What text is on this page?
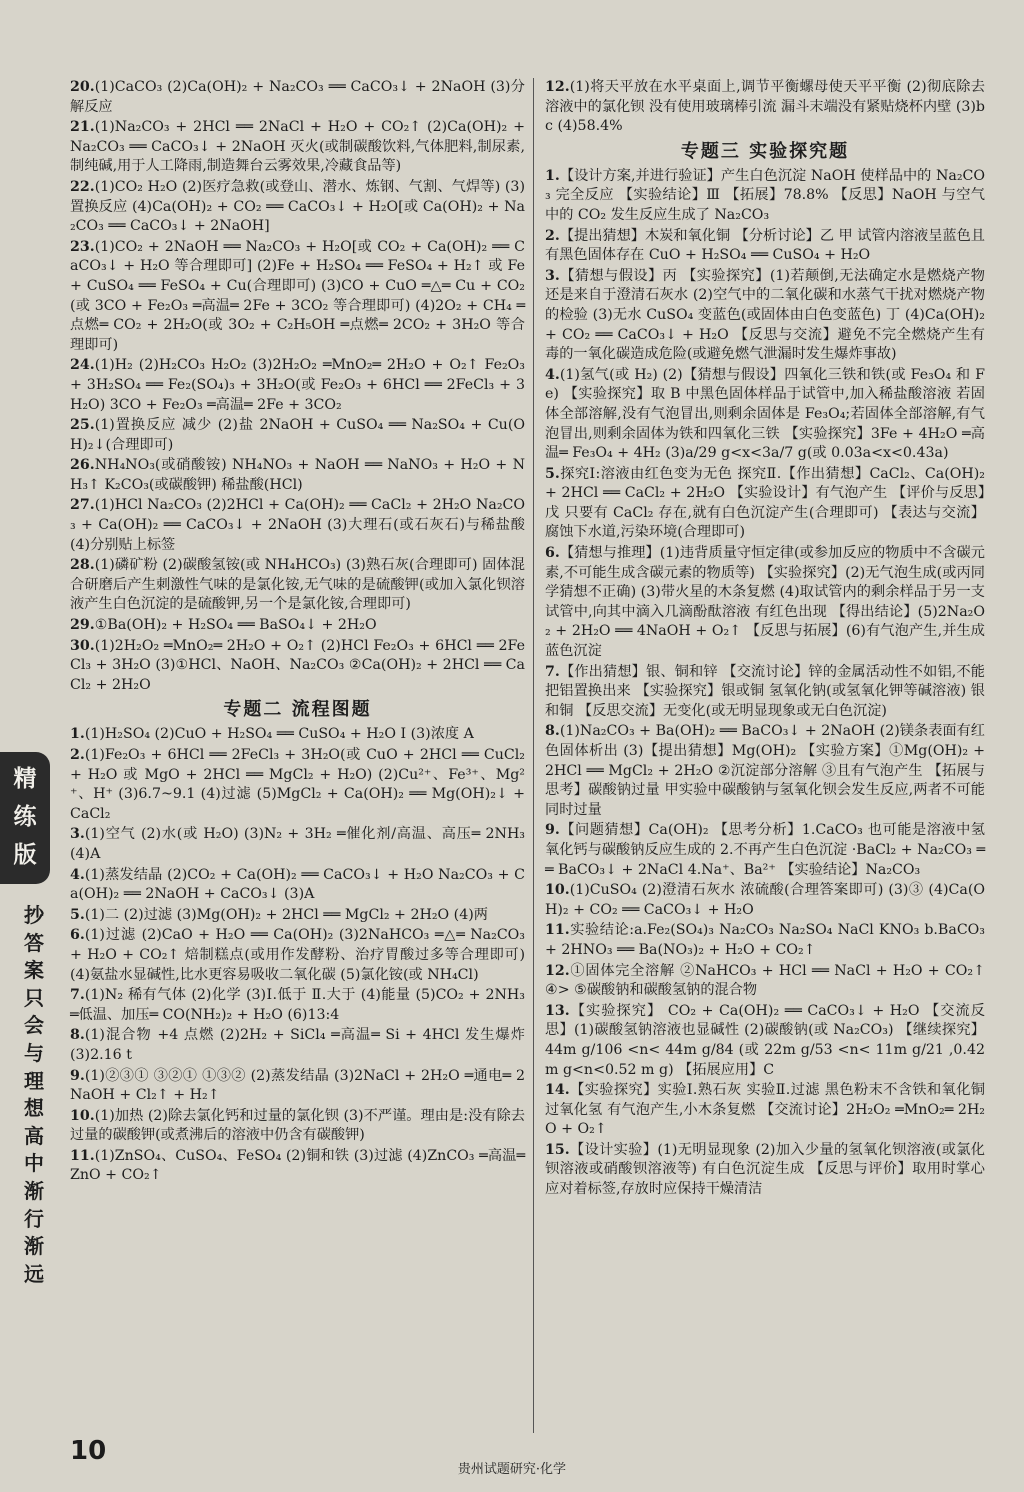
20.(1)CaCO₃ (2)Ca(OH)₂ + Na₂CO₃ ══ CaCO₃↓ + 2NaOH (3)分解反应
21.(1)Na₂CO₃ + 2HCl ══ 2NaCl + H₂O + CO₂↑ (2)Ca(OH)₂ + Na₂CO₃ ══ CaCO₃↓ + 2NaOH 灭火(或制碳酸饮料,气体肥料,制尿素,制纯碱,用于人工降雨,制造舞台云雾效果,冷藏食品等)
22.(1)CO₂ H₂O (2)医疗急救(或登山、潜水、炼钢、气割、气焊等) (3)置换反应 (4)Ca(OH)₂ + CO₂ ══ CaCO₃↓ + H₂O[或 Ca(OH)₂ + Na₂CO₃ ══ CaCO₃↓ + 2NaOH]
23.(1)CO₂ + 2NaOH ══ Na₂CO₃ + H₂O[或 CO₂ + Ca(OH)₂ ══ CaCO₃↓ + H₂O 等合理即可] (2)Fe + H₂SO₄ ══ FeSO₄ + H₂↑ 或 Fe + CuSO₄ ══ FeSO₄ + Cu(合理即可) (3)CO + CuO ═△═ Cu + CO₂(或 3CO + Fe₂O₃ ═高温═ 2Fe + 3CO₂ 等合理即可) (4)2O₂ + CH₄ ═点燃═ CO₂ + 2H₂O(或 3O₂ + C₂H₅OH ═点燃═ 2CO₂ + 3H₂O 等合理即可)
24.(1)H₂ (2)H₂CO₃ H₂O₂ (3)2H₂O₂ ═MnO₂═ 2H₂O + O₂↑ Fe₂O₃ + 3H₂SO₄ ══ Fe₂(SO₄)₃ + 3H₂O(或 Fe₂O₃ + 6HCl ══ 2FeCl₃ + 3H₂O) 3CO + Fe₂O₃ ═高温═ 2Fe + 3CO₂
25.(1)置换反应 减少 (2)盐 2NaOH + CuSO₄ ══ Na₂SO₄ + Cu(OH)₂↓(合理即可)
26.NH₄NO₃(或硝酸铵) NH₄NO₃ + NaOH ══ NaNO₃ + H₂O + NH₃↑ K₂CO₃(或碳酸钾) 稀盐酸(HCl)
27.(1)HCl Na₂CO₃ (2)2HCl + Ca(OH)₂ ══ CaCl₂ + 2H₂O Na₂CO₃ + Ca(OH)₂ ══ CaCO₃↓ + 2NaOH (3)大理石(或石灰石)与稀盐酸 (4)分别贴上标签
28.(1)磷矿粉 (2)碳酸氢铵(或 NH₄HCO₃) (3)熟石灰(合理即可) 固体混合研磨后产生刺激性气味的是氯化铵,无气味的是硫酸钾(或加入氯化钡溶液产生白色沉淀的是硫酸钾,另一个是氯化铵,合理即可)
29.①Ba(OH)₂ + H₂SO₄ ══ BaSO₄↓ + 2H₂O
30.(1)2H₂O₂ ═MnO₂═ 2H₂O + O₂↑ (2)HCl Fe₂O₃ + 6HCl ══ 2FeCl₃ + 3H₂O (3)①HCl、NaOH、Na₂CO₃ ②Ca(OH)₂ + 2HCl ══ CaCl₂ + 2H₂O
专题二 流程图题
1.(1)H₂SO₄ (2)CuO + H₂SO₄ ══ CuSO₄ + H₂O Ⅰ (3)浓度 A
2.(1)Fe₂O₃ + 6HCl ══ 2FeCl₃ + 3H₂O(或 CuO + 2HCl ══ CuCl₂ + H₂O 或 MgO + 2HCl ══ MgCl₂ + H₂O) (2)Cu²⁺、Fe³⁺、Mg²⁺、H⁺ (3)6.7~9.1 (4)过滤 (5)MgCl₂ + Ca(OH)₂ ══ Mg(OH)₂↓ + CaCl₂
3.(1)空气 (2)水(或 H₂O) (3)N₂ + 3H₂ ═催化剂/高温、高压═ 2NH₃ (4)A
4.(1)蒸发结晶 (2)CO₂ + Ca(OH)₂ ══ CaCO₃↓ + H₂O Na₂CO₃ + Ca(OH)₂ ══ 2NaOH + CaCO₃↓ (3)A
5.(1)二 (2)过滤 (3)Mg(OH)₂ + 2HCl ══ MgCl₂ + 2H₂O (4)两
6.(1)过滤 (2)CaO + H₂O ══ Ca(OH)₂ (3)2NaHCO₃ ═△═ Na₂CO₃ + H₂O + CO₂↑ 焙制糕点(或用作发酵粉、治疗胃酸过多等合理即可) (4)氨盐水显碱性,比水更容易吸收二氧化碳 (5)氯化铵(或 NH₄Cl)
7.(1)N₂ 稀有气体 (2)化学 (3)Ⅰ.低于 Ⅱ.大于 (4)能量 (5)CO₂ + 2NH₃ ═低温、加压═ CO(NH₂)₂ + H₂O (6)13:4
8.(1)混合物 +4 点燃 (2)2H₂ + SiCl₄ ═高温═ Si + 4HCl 发生爆炸 (3)2.16 t
9.(1)②③① ③②① ①③② (2)蒸发结晶 (3)2NaCl + 2H₂O ═通电═ 2NaOH + Cl₂↑ + H₂↑
10.(1)加热 (2)除去氯化钙和过量的氯化钡 (3)不严谨。理由是:没有除去过量的碳酸钾(或煮沸后的溶液中仍含有碳酸钾)
11.(1)ZnSO₄、CuSO₄、FeSO₄ (2)铜和铁 (3)过滤 (4)ZnCO₃ ═高温═ ZnO + CO₂↑
12.(1)将天平放在水平桌面上,调节平衡螺母使天平平衡 (2)彻底除去溶液中的氯化钡 没有使用玻璃棒引流 漏斗末端没有紧贴烧杯内壁 (3)bc (4)58.4%
专题三 实验探究题
1.【设计方案,并进行验证】产生白色沉淀 NaOH 使样品中的 Na₂CO₃ 完全反应 【实验结论】Ⅲ 【拓展】78.8% 【反思】NaOH 与空气中的 CO₂ 发生反应生成了 Na₂CO₃
2.【提出猜想】木炭和氧化铜 【分析讨论】乙 甲 试管内溶液呈蓝色且有黑色固体存在 CuO + H₂SO₄ ══ CuSO₄ + H₂O
3.【猜想与假设】丙 【实验探究】(1)若颠倒,无法确定水是燃烧产物还是来自于澄清石灰水 (2)空气中的二氧化碳和水蒸气干扰对燃烧产物的检验 (3)无水 CuSO₄ 变蓝色(或固体由白色变蓝色) 丁 (4)Ca(OH)₂ + CO₂ ══ CaCO₃↓ + H₂O 【反思与交流】避免不完全燃烧产生有毒的一氧化碳造成危险(或避免燃气泄漏时发生爆炸事故)
4.(1)氢气(或 H₂) (2)【猜想与假设】四氧化三铁和铁(或 Fe₃O₄ 和 Fe) 【实验探究】取 B 中黑色固体样品于试管中,加入稀盐酸溶液 若固体全部溶解,没有气泡冒出,则剩余固体是 Fe₃O₄;若固体全部溶解,有气泡冒出,则剩余固体为铁和四氧化三铁 【实验探究】3Fe + 4H₂O ═高温═ Fe₃O₄ + 4H₂ (3)a/29 g<x<3a/7 g(或 0.03a<x<0.43a)
5.探究Ⅰ:溶液由红色变为无色 探究Ⅱ.【作出猜想】CaCl₂、Ca(OH)₂ + 2HCl ══ CaCl₂ + 2H₂O 【实验设计】有气泡产生 【评价与反思】戊 只要有 CaCl₂ 存在,就有白色沉淀产生(合理即可) 【表达与交流】腐蚀下水道,污染环境(合理即可)
6.【猜想与推理】(1)违背质量守恒定律(或参加反应的物质中不含碳元素,不可能生成含碳元素的物质等) 【实验探究】(2)无气泡生成(或丙同学猜想不正确) (3)带火星的木条复燃 (4)取试管内的剩余样品于另一支试管中,向其中滴入几滴酚酞溶液 有红色出现 【得出结论】(5)2Na₂O₂ + 2H₂O ══ 4NaOH + O₂↑ 【反思与拓展】(6)有气泡产生,并生成蓝色沉淀
7.【作出猜想】银、铜和锌 【交流讨论】锌的金属活动性不如铝,不能把铝置换出来 【实验探究】银或铜 氢氧化钠(或氢氧化钾等碱溶液) 银和铜 【反思交流】无变化(或无明显现象或无白色沉淀)
8.(1)Na₂CO₃ + Ba(OH)₂ ══ BaCO₃↓ + 2NaOH (2)镁条表面有红色固体析出 (3)【提出猜想】Mg(OH)₂ 【实验方案】①Mg(OH)₂ + 2HCl ══ MgCl₂ + 2H₂O ②沉淀部分溶解 ③且有气泡产生 【拓展与思考】碳酸钠过量 甲实验中碳酸钠与氢氧化钡会发生反应,两者不可能同时过量
9.【问题猜想】Ca(OH)₂ 【思考分析】1.CaCO₃ 也可能是溶液中氢氧化钙与碳酸钠反应生成的 2.不再产生白色沉淀 ·BaCl₂ + Na₂CO₃ ══ BaCO₃↓ + 2NaCl 4.Na⁺、Ba²⁺ 【实验结论】Na₂CO₃
10.(1)CuSO₄ (2)澄清石灰水 浓硫酸(合理答案即可) (3)③ (4)Ca(OH)₂ + CO₂ ══ CaCO₃↓ + H₂O
11.实验结论:a.Fe₂(SO₄)₃ Na₂CO₃ Na₂SO₄ NaCl KNO₃ b.BaCO₃ + 2HNO₃ ══ Ba(NO₃)₂ + H₂O + CO₂↑
12.①固体完全溶解 ②NaHCO₃ + HCl ══ NaCl + H₂O + CO₂↑ ④> ⑤碳酸钠和碳酸氢钠的混合物
13.【实验探究】 CO₂ + Ca(OH)₂ ══ CaCO₃↓ + H₂O 【交流反思】(1)碳酸氢钠溶液也显碱性 (2)碳酸钠(或 Na₂CO₃) 【继续探究】44m g/106 <n< 44m g/84 (或 22m g/53 <n< 11m g/21 ,0.42 m g<n<0.52 m g) 【拓展应用】C
14.【实验探究】实验Ⅰ.熟石灰 实验Ⅱ.过滤 黑色粉末不含铁和氧化铜 过氧化氢 有气泡产生,小木条复燃 【交流讨论】2H₂O₂ ═MnO₂═ 2H₂O + O₂↑
15.【设计实验】(1)无明显现象 (2)加入少量的氢氧化钡溶液(或氯化钡溶液或硝酸钡溶液等) 有白色沉淀生成 【反思与评价】取用时掌心应对着标签,存放时应保持干燥清洁
精
练
版
抄
答
案
只
会
与
理
想
高
中
渐
行
渐
远
10
贵州试题研究·化学
